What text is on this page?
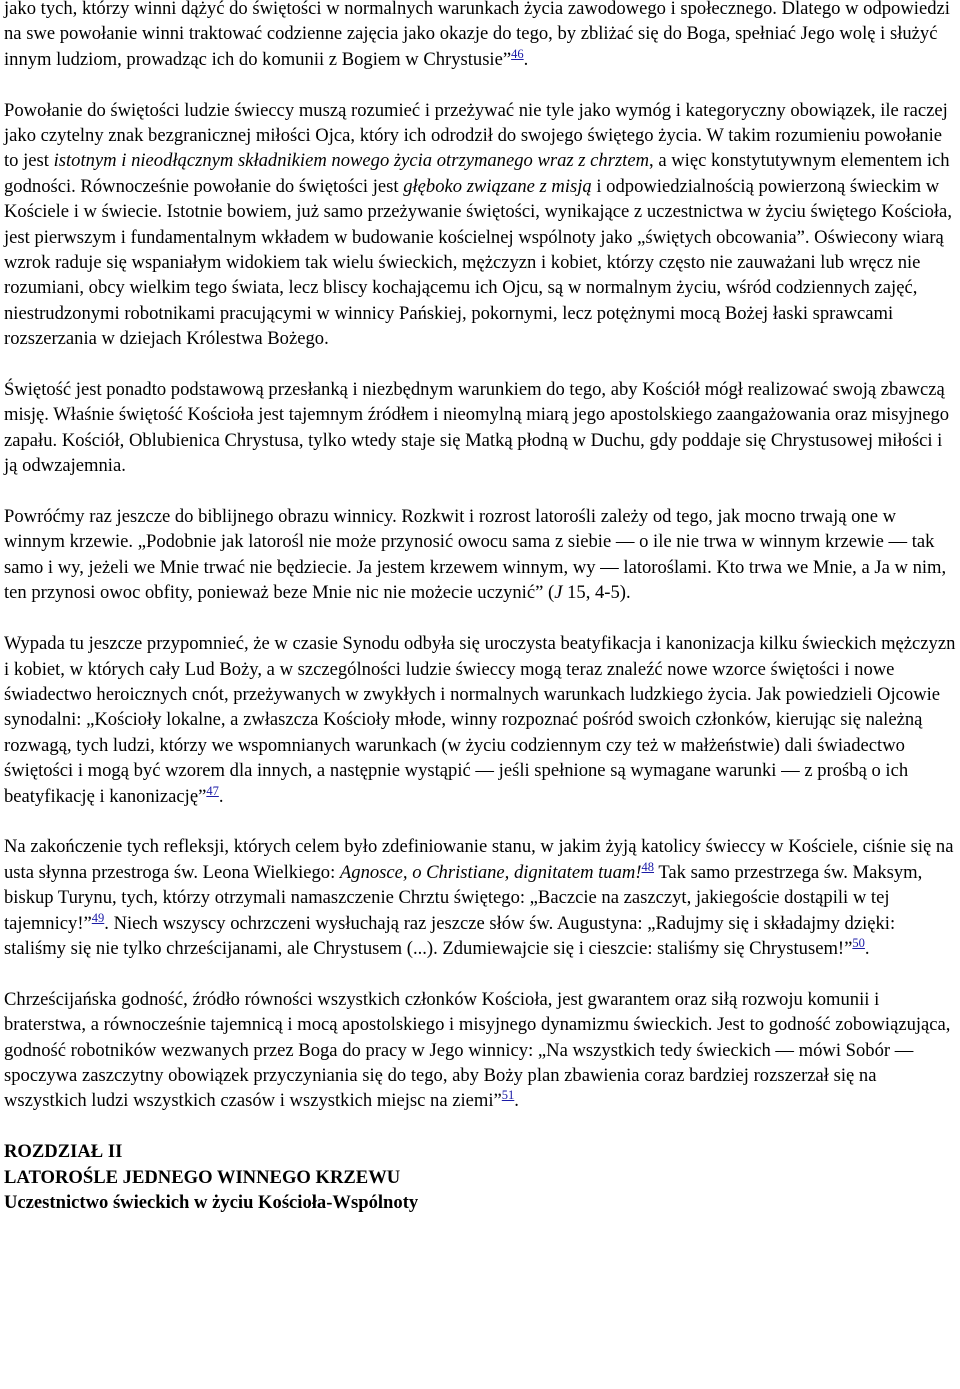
jako tych, którzy winni dążyć do świętości w normalnych warunkach życia zawodowego i społecznego. Dlatego w odpowiedzi na swe powołanie winni traktować codzienne zajęcia jako okazje do tego, by zbliżać się do Boga, spełniać Jego wolę i służyć innym ludziom, prowadząc ich do komunii z Bogiem w Chrystusie”$^{46}$.

Powołanie do świętości ludzie świeccy muszą rozumieć i przeżywać nie tyle jako wymóg i kategoryczny obowiązek, ile raczej jako czytelny znak bezgranicznej miłości Ojca, który ich odrodził do swojego świętego życia. W takim rozumieniu powołanie to jest istotnym i nieodłącznym składnikiem nowego życia otrzymanego wraz z chrztem, a więc konstytutywnym elementem ich godności. Równocześnie powołanie do świętości jest głęboko związane z misją i odpowiedzialnością powierzoną świeckim w Kościele i w świecie. Istotnie bowiem, już samo przeżywanie świętości, wynikające z uczestnictwa w życiu świętego Kościoła, jest pierwszym i fundamentalnym wkładem w budowanie kościelnej wspólnoty jako „świętych obcowania”. Oświecony wiarą wzrok raduje się wspaniałym widokiem tak wielu świeckich, mężczyzn i kobiet, którzy często nie zauważani lub wręcz nie rozumiani, obcy wielkim tego świata, lecz bliscy kochającemu ich Ojcu, są w normalnym życiu, wśród codziennych zajęć, niestrudzonymi robotnikami pracującymi w winnicy Pańskiej, pokornymi, lecz potężnymi mocą Bożej łaski sprawcami rozszerzania w dziejach Królestwa Bożego.

Świętość jest ponadto podstawową przesłanką i niezbędnym warunkiem do tego, aby Kościół mógł realizować swoją zbawczą misję. Właśnie świętość Kościoła jest tajemnym źródłem i nieomylną miarą jego apostolskiego zaangażowania oraz misyjnego zapału. Kościół, Oblubienica Chrystusa, tylko wtedy staje się Matką płodną w Duchu, gdy poddaje się Chrystusowej miłości i ją odwzajemnia.

Powróćmy raz jeszcze do biblijnego obrazu winnicy. Rozkwit i rozrost latorośli zależy od tego, jak mocno trwają one w winnym krzewie. „Podobnie jak latorośl nie może przynosić owocu sama z siebie — o ile nie trwa w winnym krzewie — tak samo i wy, jeżeli we Mnie trwać nie będziecie. Ja jestem krzewem winnym, wy — latoroślami. Kto trwa we Mnie, a Ja w nim, ten przynosi owoc obfity, ponieważ beze Mnie nic nie możecie uczynić” (J 15, 4-5).

Wypada tu jeszcze przypomnieć, że w czasie Synodu odbyła się uroczysta beatyfikacja i kanonizacja kilku świeckich mężczyzn i kobiet, w których cały Lud Boży, a w szczególności ludzie świeccy mogą teraz znaleźć nowe wzorce świętości i nowe świadectwo heroicznych cnót, przeżywanych w zwykłych i normalnych warunkach ludzkiego życia. Jak powiedzieli Ojcowie synodalni: „Kościoły lokalne, a zwłaszcza Kościoły młode, winny rozpoznać pośród swoich członków, kierując się należną rozwagą, tych ludzi, którzy we wspomnianych warunkach (w życiu codziennym czy też w małżeństwie) dali świadectwo świętości i mogą być wzorem dla innych, a następnie wystąpić — jeśli spełnione są wymagane warunki — z prośbą o ich beatyfikację i kanonizację”$^{47}$.

Na zakończenie tych refleksji, których celem było zdefiniowanie stanu, w jakim żyją katolicy świeccy w Kościele, ciśnie się na usta słynna przestroga św. Leona Wielkiego: Agnosce, o Christiane, dignitatem tuam!$^{48}$ Tak samo przestrzega św. Maksym, biskup Turynu, tych, którzy otrzymali namaszczenie Chrztu świętego: „Baczcie na zaszczyt, jakiegoście dostąpili w tej tajemnicy!”$^{49}$. Niech wszyscy ochrzczeni wysłuchają raz jeszcze słów św. Augustyna: „Radujmy się i składajmy dzięki: staliśmy się nie tylko chrześcijanami, ale Chrystusem (...). Zdumiewajcie się i cieszcie: staliśmy się Chrystusem!”$^{50}$.

Chrześcijańska godność, źródło równości wszystkich członków Kościoła, jest gwarantem oraz siłą rozwoju komunii i braterstwa, a równocześnie tajemnicą i mocą apostolskiego i misyjnego dynamizmu świeckich. Jest to godność zobowiązująca, godność robotników wezwanych przez Boga do pracy w Jego winnicy: „Na wszystkich tedy świeckich — mówi Sobór — spoczywa zaszczytny obowiązek przyczyniania się do tego, aby Boży plan zbawienia coraz bardziej rozszerzał się na wszystkich ludzi wszystkich czasów i wszystkich miejsc na ziemi”$^{51}$.

ROZDZIAŁ II

LATOROŚLE JEDNEGO WINNEGO KRZEWU

Uczestnictwo świeckich w życiu Kościoła-Wspólnoty
